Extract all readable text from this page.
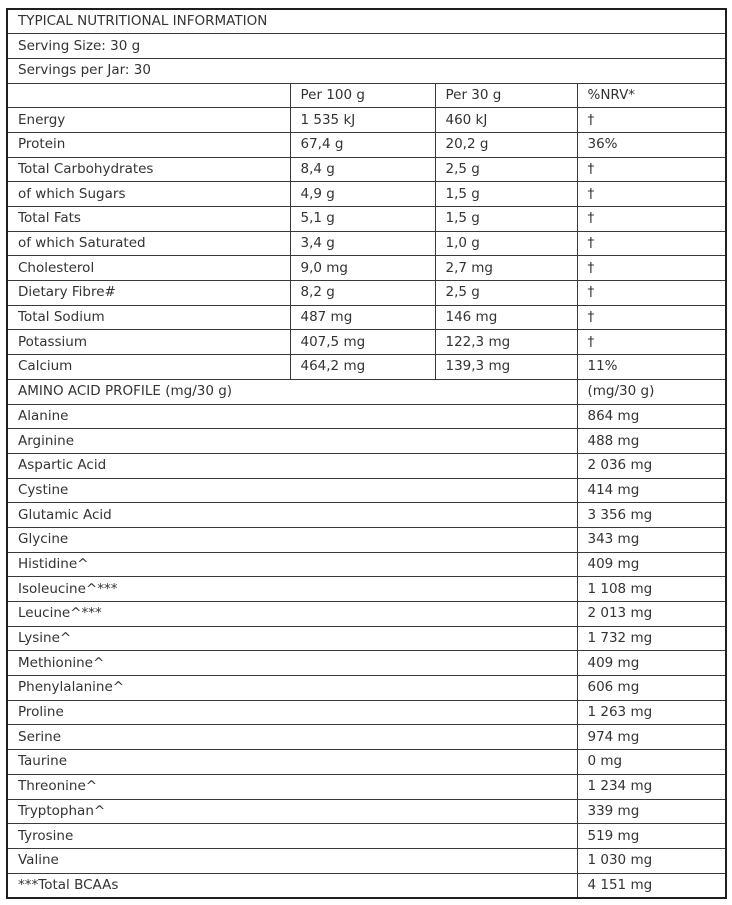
TYPICAL NUTRITIONAL INFORMATION			
Serving Size: 30 g			
Servings per Jar: 30			
	Per 100 g	Per 30 g	%NRV*
Energy	1 535 kJ	460 kJ	†
Protein	67,4 g	20,2 g	36%
Total Carbohydrates	8,4 g	2,5 g	†
of which Sugars	4,9 g	1,5 g	†
Total Fats	5,1 g	1,5 g	†
of which Saturated	3,4 g	1,0 g	†
Cholesterol	9,0 mg	2,7 mg	†
Dietary Fibre#	8,2 g	2,5 g	†
Total Sodium	487 mg	146 mg	†
Potassium	407,5 mg	122,3 mg	†
Calcium	464,2 mg	139,3 mg	11%
AMINO ACID PROFILE (mg/30 g)			(mg/30 g)
Alanine			864 mg
Arginine			488 mg
Aspartic Acid			2 036 mg
Cystine			414 mg
Glutamic Acid			3 356 mg
Glycine			343 mg
Histidine^			409 mg
Isoleucine^***			1 108 mg
Leucine^***			2 013 mg
Lysine^			1 732 mg
Methionine^			409 mg
Phenylalanine^			606 mg
Proline			1 263 mg
Serine			974 mg
Taurine			0 mg
Threonine^			1 234 mg
Tryptophan^			339 mg
Tyrosine			519 mg
Valine			1 030 mg
***Total BCAAs			4 151 mg
